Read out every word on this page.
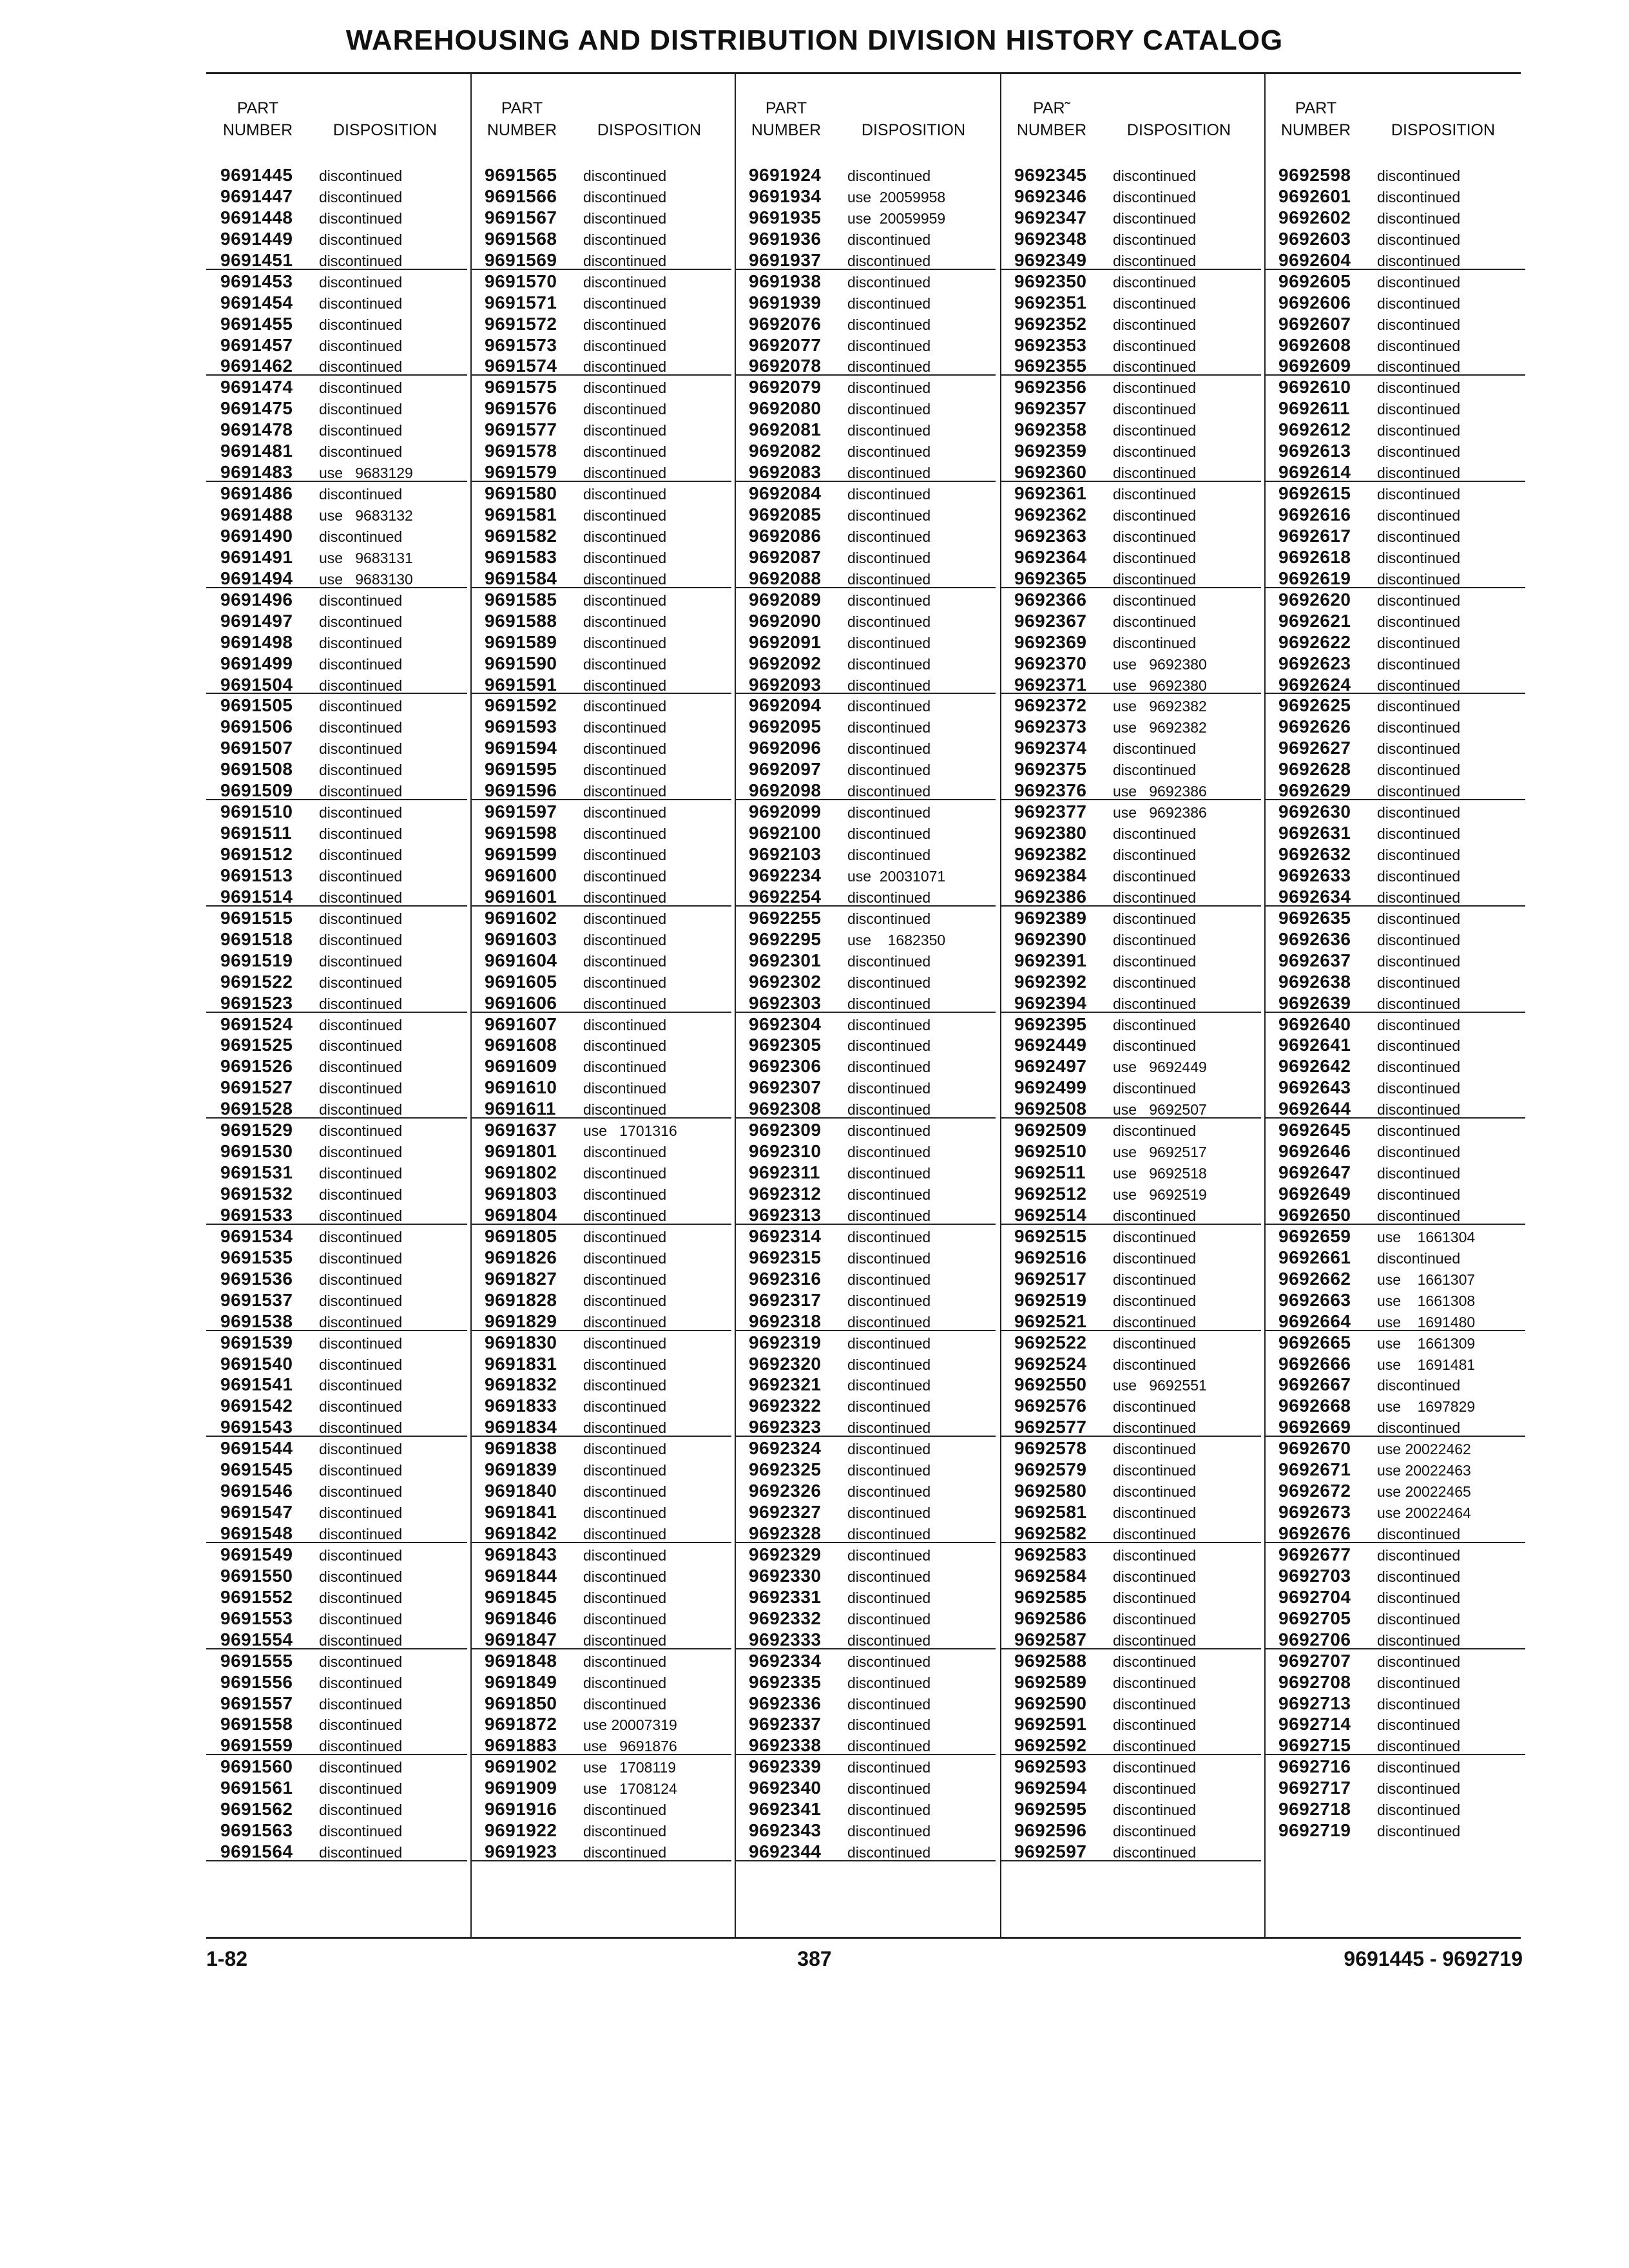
WAREHOUSING AND DISTRIBUTION DIVISION HISTORY CATALOG
PART
NUMBER	DISPOSITION
9691445 discontinued
9691447 discontinued
9691448 discontinued
9691449 discontinued
9691451 discontinued
9691453 discontinued
9691454 discontinued
9691455 discontinued
9691457 discontinued
9691462 discontinued
9691474 discontinued
9691475 discontinued
9691478 discontinued
9691481 discontinued
9691483 use   9683129
9691486 discontinued
9691488 use   9683132
9691490 discontinued
9691491 use   9683131
9691494 use   9683130
9691496 discontinued
9691497 discontinued
9691498 discontinued
9691499 discontinued
9691504 discontinued
9691505 discontinued
9691506 discontinued
9691507 discontinued
9691508 discontinued
9691509 discontinued
9691510 discontinued
9691511 discontinued
9691512 discontinued
9691513 discontinued
9691514 discontinued
9691515 discontinued
9691518 discontinued
9691519 discontinued
9691522 discontinued
9691523 discontinued
9691524 discontinued
9691525 discontinued
9691526 discontinued
9691527 discontinued
9691528 discontinued
9691529 discontinued
9691530 discontinued
9691531 discontinued
9691532 discontinued
9691533 discontinued
9691534 discontinued
9691535 discontinued
9691536 discontinued
9691537 discontinued
9691538 discontinued
9691539 discontinued
9691540 discontinued
9691541 discontinued
9691542 discontinued
9691543 discontinued
9691544 discontinued
9691545 discontinued
9691546 discontinued
9691547 discontinued
9691548 discontinued
9691549 discontinued
9691550 discontinued
9691552 discontinued
9691553 discontinued
9691554 discontinued
9691555 discontinued
9691556 discontinued
9691557 discontinued
9691558 discontinued
9691559 discontinued
9691560 discontinued
9691561 discontinued
9691562 discontinued
9691563 discontinued
9691564 discontinued
PART
NUMBER	DISPOSITION
9691565 discontinued
9691566 discontinued
9691567 discontinued
9691568 discontinued
9691569 discontinued
9691570 discontinued
9691571 discontinued
9691572 discontinued
9691573 discontinued
9691574 discontinued
9691575 discontinued
9691576 discontinued
9691577 discontinued
9691578 discontinued
9691579 discontinued
9691580 discontinued
9691581 discontinued
9691582 discontinued
9691583 discontinued
9691584 discontinued
9691585 discontinued
9691588 discontinued
9691589 discontinued
9691590 discontinued
9691591 discontinued
9691592 discontinued
9691593 discontinued
9691594 discontinued
9691595 discontinued
9691596 discontinued
9691597 discontinued
9691598 discontinued
9691599 discontinued
9691600 discontinued
9691601 discontinued
9691602 discontinued
9691603 discontinued
9691604 discontinued
9691605 discontinued
9691606 discontinued
9691607 discontinued
9691608 discontinued
9691609 discontinued
9691610 discontinued
9691611 discontinued
9691637 use   1701316
9691801 discontinued
9691802 discontinued
9691803 discontinued
9691804 discontinued
9691805 discontinued
9691826 discontinued
9691827 discontinued
9691828 discontinued
9691829 discontinued
9691830 discontinued
9691831 discontinued
9691832 discontinued
9691833 discontinued
9691834 discontinued
9691838 discontinued
9691839 discontinued
9691840 discontinued
9691841 discontinued
9691842 discontinued
9691843 discontinued
9691844 discontinued
9691845 discontinued
9691846 discontinued
9691847 discontinued
9691848 discontinued
9691849 discontinued
9691850 discontinued
9691872 use 20007319
9691883 use   9691876
9691902 use   1708119
9691909 use   1708124
9691916 discontinued
9691922 discontinued
9691923 discontinued
PART
NUMBER	DISPOSITION
9691924 discontinued
9691934 use  20059958
9691935 use  20059959
9691936 discontinued
9691937 discontinued
9691938 discontinued
9691939 discontinued
9692076 discontinued
9692077 discontinued
9692078 discontinued
9692079 discontinued
9692080 discontinued
9692081 discontinued
9692082 discontinued
9692083 discontinued
9692084 discontinued
9692085 discontinued
9692086 discontinued
9692087 discontinued
9692088 discontinued
9692089 discontinued
9692090 discontinued
9692091 discontinued
9692092 discontinued
9692093 discontinued
9692094 discontinued
9692095 discontinued
9692096 discontinued
9692097 discontinued
9692098 discontinued
9692099 discontinued
9692100 discontinued
9692103 discontinued
9692234 use  20031071
9692254 discontinued
9692255 discontinued
9692295 use    1682350
9692301 discontinued
9692302 discontinued
9692303 discontinued
9692304 discontinued
9692305 discontinued
9692306 discontinued
9692307 discontinued
9692308 discontinued
9692309 discontinued
9692310 discontinued
9692311 discontinued
9692312 discontinued
9692313 discontinued
9692314 discontinued
9692315 discontinued
9692316 discontinued
9692317 discontinued
9692318 discontinued
9692319 discontinued
9692320 discontinued
9692321 discontinued
9692322 discontinued
9692323 discontinued
9692324 discontinued
9692325 discontinued
9692326 discontinued
9692327 discontinued
9692328 discontinued
9692329 discontinued
9692330 discontinued
9692331 discontinued
9692332 discontinued
9692333 discontinued
9692334 discontinued
9692335 discontinued
9692336 discontinued
9692337 discontinued
9692338 discontinued
9692339 discontinued
9692340 discontinued
9692341 discontinued
9692343 discontinued
9692344 discontinued
PAR˜
NUMBER	DISPOSITION
9692345 discontinued
9692346 discontinued
9692347 discontinued
9692348 discontinued
9692349 discontinued
9692350 discontinued
9692351 discontinued
9692352 discontinued
9692353 discontinued
9692355 discontinued
9692356 discontinued
9692357 discontinued
9692358 discontinued
9692359 discontinued
9692360 discontinued
9692361 discontinued
9692362 discontinued
9692363 discontinued
9692364 discontinued
9692365 discontinued
9692366 discontinued
9692367 discontinued
9692369 discontinued
9692370 use   9692380
9692371 use   9692380
9692372 use   9692382
9692373 use   9692382
9692374 discontinued
9692375 discontinued
9692376 use   9692386
9692377 use   9692386
9692380 discontinued
9692382 discontinued
9692384 discontinued
9692386 discontinued
9692389 discontinued
9692390 discontinued
9692391 discontinued
9692392 discontinued
9692394 discontinued
9692395 discontinued
9692449 discontinued
9692497 use   9692449
9692499 discontinued
9692508 use   9692507
9692509 discontinued
9692510 use   9692517
9692511 use   9692518
9692512 use   9692519
9692514 discontinued
9692515 discontinued
9692516 discontinued
9692517 discontinued
9692519 discontinued
9692521 discontinued
9692522 discontinued
9692524 discontinued
9692550 use   9692551
9692576 discontinued
9692577 discontinued
9692578 discontinued
9692579 discontinued
9692580 discontinued
9692581 discontinued
9692582 discontinued
9692583 discontinued
9692584 discontinued
9692585 discontinued
9692586 discontinued
9692587 discontinued
9692588 discontinued
9692589 discontinued
9692590 discontinued
9692591 discontinued
9692592 discontinued
9692593 discontinued
9692594 discontinued
9692595 discontinued
9692596 discontinued
9692597 discontinued
PART
NUMBER	DISPOSITION
9692598 discontinued
9692601 discontinued
9692602 discontinued
9692603 discontinued
9692604 discontinued
9692605 discontinued
9692606 discontinued
9692607 discontinued
9692608 discontinued
9692609 discontinued
9692610 discontinued
9692611 discontinued
9692612 discontinued
9692613 discontinued
9692614 discontinued
9692615 discontinued
9692616 discontinued
9692617 discontinued
9692618 discontinued
9692619 discontinued
9692620 discontinued
9692621 discontinued
9692622 discontinued
9692623 discontinued
9692624 discontinued
9692625 discontinued
9692626 discontinued
9692627 discontinued
9692628 discontinued
9692629 discontinued
9692630 discontinued
9692631 discontinued
9692632 discontinued
9692633 discontinued
9692634 discontinued
9692635 discontinued
9692636 discontinued
9692637 discontinued
9692638 discontinued
9692639 discontinued
9692640 discontinued
9692641 discontinued
9692642 discontinued
9692643 discontinued
9692644 discontinued
9692645 discontinued
9692646 discontinued
9692647 discontinued
9692649 discontinued
9692650 discontinued
9692659 use    1661304
9692661 discontinued
9692662 use    1661307
9692663 use    1661308
9692664 use    1691480
9692665 use    1661309
9692666 use    1691481
9692667 discontinued
9692668 use    1697829
9692669 discontinued
9692670 use 20022462
9692671 use 20022463
9692672 use 20022465
9692673 use 20022464
9692676 discontinued
9692677 discontinued
9692703 discontinued
9692704 discontinued
9692705 discontinued
9692706 discontinued
9692707 discontinued
9692708 discontinued
9692713 discontinued
9692714 discontinued
9692715 discontinued
9692716 discontinued
9692717 discontinued
9692718 discontinued
9692719 discontinued
1-82	387	9691445 - 9692719
